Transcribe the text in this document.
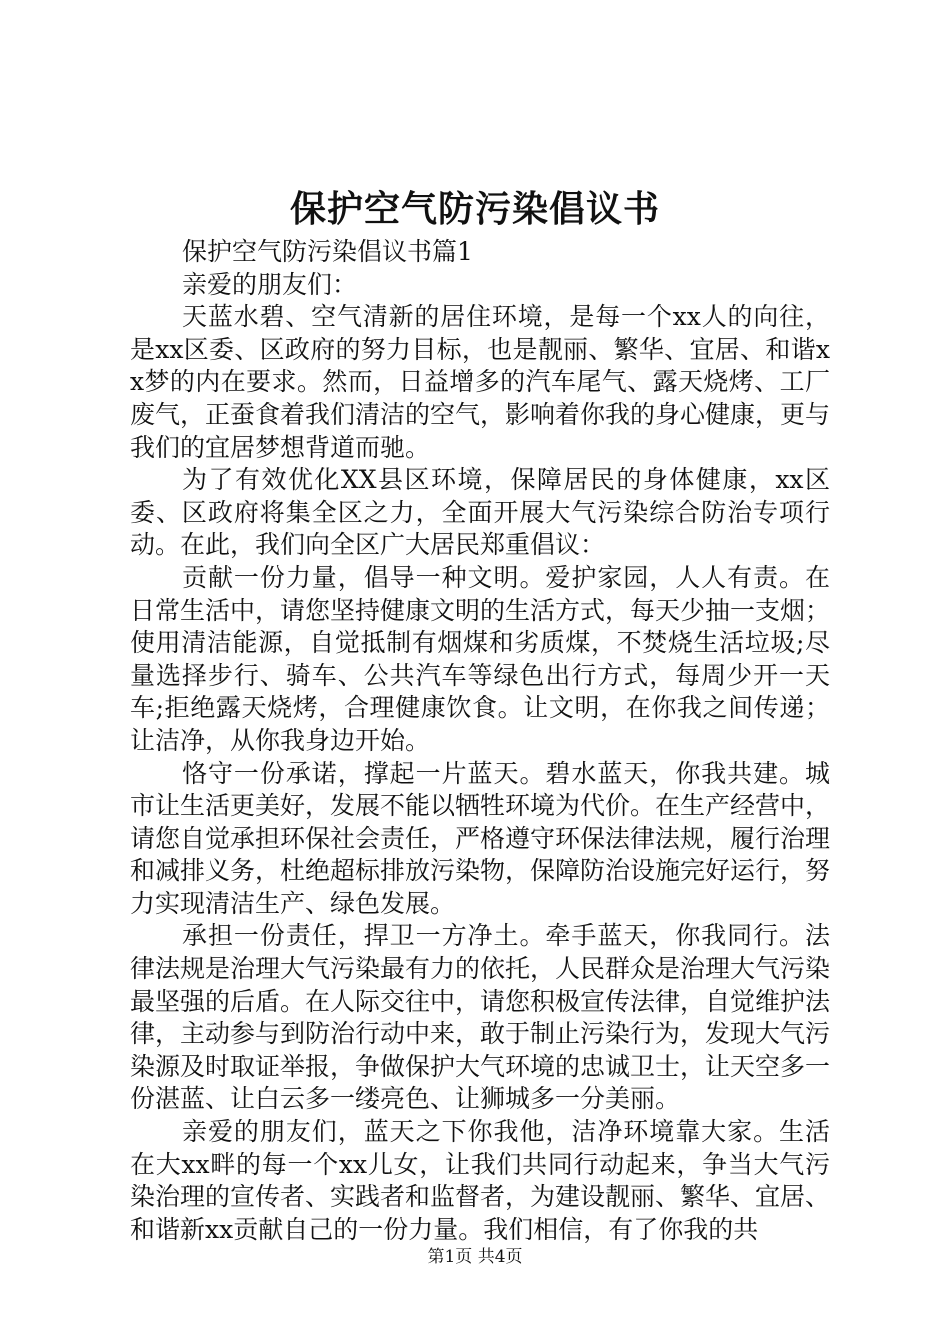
保护空气防污染倡议书

保护空气防污染倡议书篇1

亲爱的朋友们：

天蓝水碧、空气清新的居住环境，是每一个xx人的向往，是xx区委、区政府的努力目标，也是靓丽、繁华、宜居、和谐xx梦的内在要求。然而，日益增多的汽车尾气、露天烧烤、工厂废气，正蚕食着我们清洁的空气，影响着你我的身心健康，更与我们的宜居梦想背道而驰。

为了有效优化XX县区环境，保障居民的身体健康，xx区委、区政府将集全区之力，全面开展大气污染综合防治专项行动。在此，我们向全区广大居民郑重倡议：

贡献一份力量，倡导一种文明。爱护家园，人人有责。在日常生活中，请您坚持健康文明的生活方式，每天少抽一支烟；使用清洁能源，自觉抵制有烟煤和劣质煤，不焚烧生活垃圾;尽量选择步行、骑车、公共汽车等绿色出行方式，每周少开一天车;拒绝露天烧烤，合理健康饮食。让文明，在你我之间传递；让洁净，从你我身边开始。

恪守一份承诺，撑起一片蓝天。碧水蓝天，你我共建。城市让生活更美好，发展不能以牺牲环境为代价。在生产经营中，请您自觉承担环保社会责任，严格遵守环保法律法规，履行治理和减排义务，杜绝超标排放污染物，保障防治设施完好运行，努力实现清洁生产、绿色发展。

承担一份责任，捍卫一方净土。牵手蓝天，你我同行。法律法规是治理大气污染最有力的依托，人民群众是治理大气污染最坚强的后盾。在人际交往中，请您积极宣传法律，自觉维护法律，主动参与到防治行动中来，敢于制止污染行为，发现大气污染源及时取证举报，争做保护大气环境的忠诚卫士，让天空多一份湛蓝、让白云多一缕亮色、让狮城多一分美丽。

亲爱的朋友们，蓝天之下你我他，洁净环境靠大家。生活在大xx畔的每一个xx儿女，让我们共同行动起来，争当大气污染治理的宣传者、实践者和监督者，为建设靓丽、繁华、宜居、和谐新xx贡献自己的一份力量。我们相信，有了你我的共

第1页 共4页
